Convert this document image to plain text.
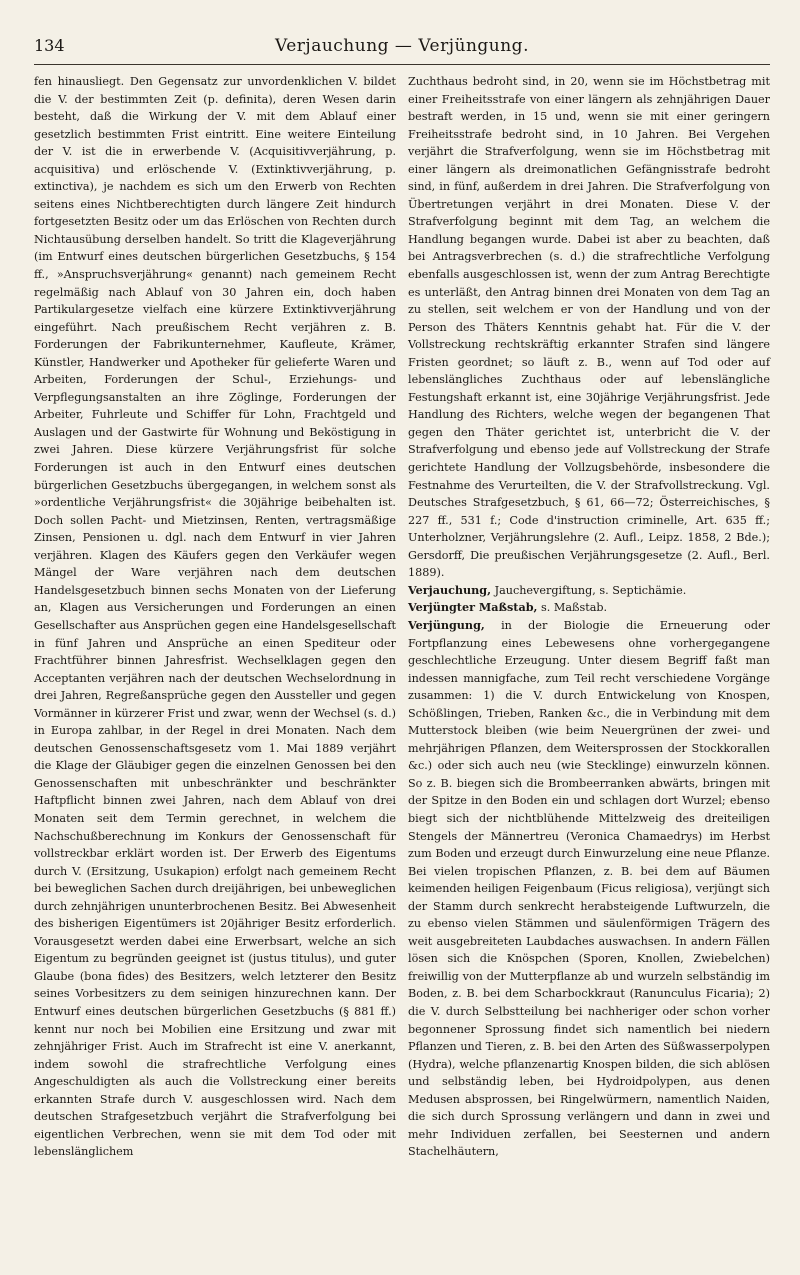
134	Verjauchung — Verjüngung.

fen hinausliegt. Den Gegensatz zur unvordenklichen V. bildet die V. der bestimmten Zeit (p. definita), deren Wesen darin besteht, daß die Wirkung der V. mit dem Ablauf einer gesetzlich bestimmten Frist eintritt. Eine weitere Einteilung der V. ist die in erwerbende V. (Acquisitivverjährung, p. acquisitiva) und erlöschende V. (Extinktivverjährung, p. extinctiva), je nachdem es sich um den Erwerb von Rechten seitens eines Nichtberechtigten durch längere Zeit hindurch fortgesetzten Besitz oder um das Erlöschen von Rechten durch Nichtausübung derselben handelt. So tritt die Klageverjährung (im Entwurf eines deutschen bürgerlichen Gesetzbuchs, § 154 ff., »Anspruchsverjährung« genannt) nach gemeinem Recht regelmäßig nach Ablauf von 30 Jahren ein, doch haben Partikulargesetze vielfach eine kürzere Extinktivverjährung eingeführt. Nach preußischem Recht verjähren z. B. Forderungen der Fabrikunternehmer, Kaufleute, Krämer, Künstler, Handwerker und Apotheker für gelieferte Waren und Arbeiten, Forderungen der Schul-, Erziehungs- und Verpflegungsanstalten an ihre Zöglinge, Forderungen der Arbeiter, Fuhrleute und Schiffer für Lohn, Frachtgeld und Auslagen und der Gastwirte für Wohnung und Beköstigung in zwei Jahren. Diese kürzere Verjährungsfrist für solche Forderungen ist auch in den Entwurf eines deutschen bürgerlichen Gesetzbuchs übergegangen, in welchem sonst als »ordentliche Verjährungsfrist« die 30jährige beibehalten ist. Doch sollen Pacht- und Mietzinsen, Renten, vertragsmäßige Zinsen, Pensionen u. dgl. nach dem Entwurf in vier Jahren verjähren. Klagen des Käufers gegen den Verkäufer wegen Mängel der Ware verjähren nach dem deutschen Handelsgesetzbuch binnen sechs Monaten von der Lieferung an, Klagen aus Versicherungen und Forderungen an einen Gesellschafter aus Ansprüchen gegen eine Handelsgesellschaft in fünf Jahren und Ansprüche an einen Spediteur oder Frachtführer binnen Jahresfrist. Wechselklagen gegen den Acceptanten verjähren nach der deutschen Wechselordnung in drei Jahren, Regreßansprüche gegen den Aussteller und gegen Vormänner in kürzerer Frist und zwar, wenn der Wechsel (s. d.) in Europa zahlbar, in der Regel in drei Monaten. Nach dem deutschen Genossenschaftsgesetz vom 1. Mai 1889 verjährt die Klage der Gläubiger gegen die einzelnen Genossen bei den Genossenschaften mit unbeschränkter und beschränkter Haftpflicht binnen zwei Jahren, nach dem Ablauf von drei Monaten seit dem Termin gerechnet, in welchem die Nachschußberechnung im Konkurs der Genossenschaft für vollstreckbar erklärt worden ist. Der Erwerb des Eigentums durch V. (Ersitzung, Usukapion) erfolgt nach gemeinem Recht bei beweglichen Sachen durch dreijährigen, bei unbeweglichen durch zehnjährigen ununterbrochenen Besitz. Bei Abwesenheit des bisherigen Eigentümers ist 20jähriger Besitz erforderlich. Vorausgesetzt werden dabei eine Erwerbsart, welche an sich Eigentum zu begründen geeignet ist (justus titulus), und guter Glaube (bona fides) des Besitzers, welch letzterer den Besitz seines Vorbesitzers zu dem seinigen hinzurechnen kann. Der Entwurf eines deutschen bürgerlichen Gesetzbuchs (§ 881 ff.) kennt nur noch bei Mobilien eine Ersitzung und zwar mit zehnjähriger Frist. Auch im Strafrecht ist eine V. anerkannt, indem sowohl die strafrechtliche Verfolgung eines Angeschuldigten als auch die Vollstreckung einer bereits erkannten Strafe durch V. ausgeschlossen wird. Nach dem deutschen Strafgesetzbuch verjährt die Strafverfolgung bei eigentlichen Verbrechen, wenn sie mit dem Tod oder mit lebenslänglichem

Zuchthaus bedroht sind, in 20, wenn sie im Höchstbetrag mit einer Freiheitsstrafe von einer längern als zehnjährigen Dauer bestraft werden, in 15 und, wenn sie mit einer geringern Freiheitsstrafe bedroht sind, in 10 Jahren. Bei Vergehen verjährt die Strafverfolgung, wenn sie im Höchstbetrag mit einer längern als dreimonatlichen Gefängnisstrafe bedroht sind, in fünf, außerdem in drei Jahren. Die Strafverfolgung von Übertretungen verjährt in drei Monaten. Diese V. der Strafverfolgung beginnt mit dem Tag, an welchem die Handlung begangen wurde. Dabei ist aber zu beachten, daß bei Antragsverbrechen (s. d.) die strafrechtliche Verfolgung ebenfalls ausgeschlossen ist, wenn der zum Antrag Berechtigte es unterläßt, den Antrag binnen drei Monaten von dem Tag an zu stellen, seit welchem er von der Handlung und von der Person des Thäters Kenntnis gehabt hat. Für die V. der Vollstreckung rechtskräftig erkannter Strafen sind längere Fristen geordnet; so läuft z. B., wenn auf Tod oder auf lebenslängliches Zuchthaus oder auf lebenslängliche Festungshaft erkannt ist, eine 30jährige Verjährungsfrist. Jede Handlung des Richters, welche wegen der begangenen That gegen den Thäter gerichtet ist, unterbricht die V. der Strafverfolgung und ebenso jede auf Vollstreckung der Strafe gerichtete Handlung der Vollzugsbehörde, insbesondere die Festnahme des Verurteilten, die V. der Strafvollstreckung. Vgl. Deutsches Strafgesetzbuch, § 61, 66—72; Österreichisches, § 227 ff., 531 f.; Code d'instruction criminelle, Art. 635 ff.; Unterholzner, Verjährungslehre (2. Aufl., Leipz. 1858, 2 Bde.); Gersdorff, Die preußischen Verjährungsgesetze (2. Aufl., Berl. 1889).

Verjauchung, Jauchevergiftung, s. Septichämie.

Verjüngter Maßstab, s. Maßstab.

Verjüngung, in der Biologie die Erneuerung oder Fortpflanzung eines Lebewesens ohne vorhergegangene geschlechtliche Erzeugung. Unter diesem Begriff faßt man indessen mannigfache, zum Teil recht verschiedene Vorgänge zusammen: 1) die V. durch Entwickelung von Knospen, Schößlingen, Trieben, Ranken &c., die in Verbindung mit dem Mutterstock bleiben (wie beim Neuergrünen der zwei- und mehrjährigen Pflanzen, dem Weitersprossen der Stockkorallen &c.) oder sich auch neu (wie Stecklinge) einwurzeln können. So z. B. biegen sich die Brombeerranken abwärts, bringen mit der Spitze in den Boden ein und schlagen dort Wurzel; ebenso biegt sich der nichtblühende Mittelzweig des dreiteiligen Stengels der Männertreu (Veronica Chamaedrys) im Herbst zum Boden und erzeugt durch Einwurzelung eine neue Pflanze. Bei vielen tropischen Pflanzen, z. B. bei dem auf Bäumen keimenden heiligen Feigenbaum (Ficus religiosa), verjüngt sich der Stamm durch senkrecht herabsteigende Luftwurzeln, die zu ebenso vielen Stämmen und säulenförmigen Trägern des weit ausgebreiteten Laubdaches auswachsen. In andern Fällen lösen sich die Knöspchen (Sporen, Knollen, Zwiebelchen) freiwillig von der Mutterpflanze ab und wurzeln selbständig im Boden, z. B. bei dem Scharbockkraut (Ranunculus Ficaria); 2) die V. durch Selbstteilung bei nachheriger oder schon vorher begonnener Sprossung findet sich namentlich bei niedern Pflanzen und Tieren, z. B. bei den Arten des Süßwasserpolypen (Hydra), welche pflanzenartig Knospen bilden, die sich ablösen und selbständig leben, bei Hydroidpolypen, aus denen Medusen absprossen, bei Ringelwürmern, namentlich Naiden, die sich durch Sprossung verlängern und dann in zwei und mehr Individuen zerfallen, bei Seesternen und andern Stachelhäutern,
